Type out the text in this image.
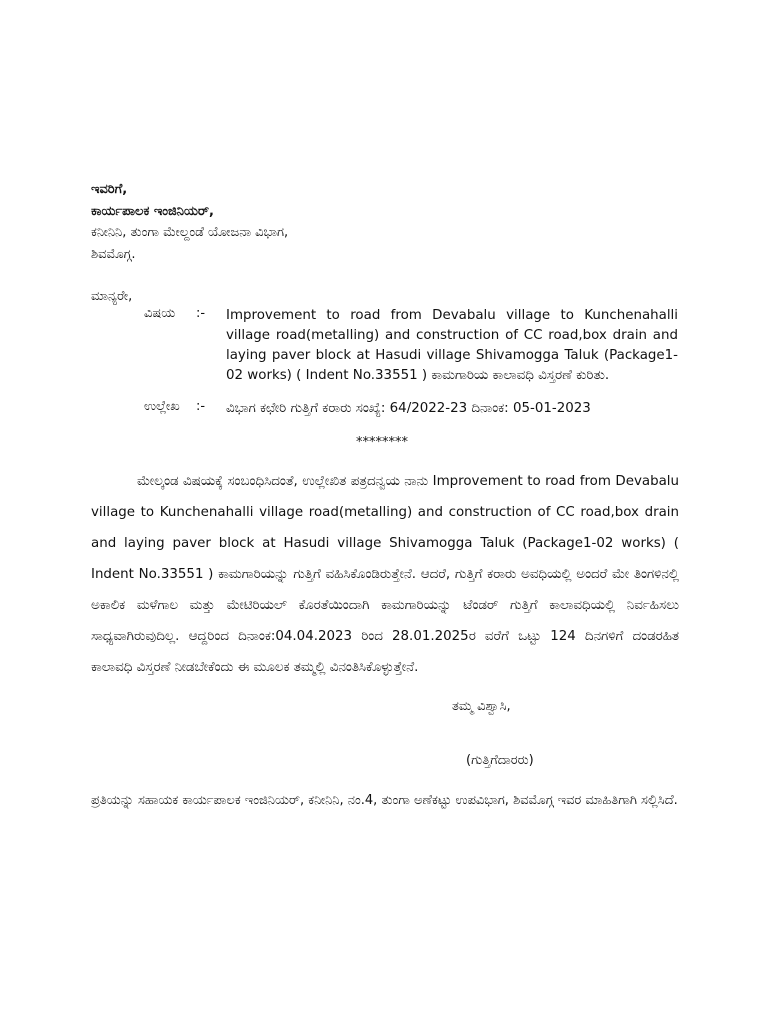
ಇವರಿಗೆ,
ಕಾರ್ಯಪಾಲಕ ಇಂಜಿನಿಯರ್,
ಕನೀನಿನಿ, ತುಂಗಾ ಮೇಲ್ದಂಡೆ ಯೋಜನಾ ವಿಭಾಗ,
ಶಿವಮೊಗ್ಗ.
ಮಾನ್ಯರೇ,
ವಿಷಯ :- Improvement to road from Devabalu village to Kunchenahalli village road(metalling) and construction of CC road,box drain and laying paver block at Hasudi village Shivamogga Taluk (Package1-02 works) ( Indent No.33551 ) ಕಾಮಗಾರಿಯ ಕಾಲಾವಧಿ ವಿಸ್ತರಣೆ ಕುರಿತು.
ಉಲ್ಲೇಖ :- ವಿಭಾಗ ಕಛೇರಿ ಗುತ್ತಿಗೆ ಕರಾರು ಸಂಖ್ಯೆ: 64/2022-23 ದಿನಾಂಕ: 05-01-2023
********
ಮೇಲ್ಕಂಡ ವಿಷಯಕ್ಕೆ ಸಂಬಂಧಿಸಿದಂತೆ, ಉಲ್ಲೇಖಿತ ಪತ್ರದನ್ವಯ ನಾನು Improvement to road from Devabalu village to Kunchenahalli village road(metalling) and construction of CC road,box drain and laying paver block at Hasudi village Shivamogga Taluk (Package1-02 works) ( Indent No.33551 ) ಕಾಮಗಾರಿಯನ್ನು ಗುತ್ತಿಗೆ ವಹಿಸಿಕೊಂಡಿರುತ್ತೇನೆ. ಆದರೆ, ಗುತ್ತಿಗೆ ಕರಾರು ಅವಧಿಯಲ್ಲಿ ಅಂದರೆ ಮೇ ತಿಂಗಳಿನಲ್ಲಿ ಅಕಾಲಿಕ ಮಳೆಗಾಲ ಮತ್ತು ಮೇಟಿರಿಯಲ್ ಕೊರತೆಯಿಂದಾಗಿ ಕಾಮಗಾರಿಯನ್ನು ಟೆಂಡರ್ ಗುತ್ತಿಗೆ ಕಾಲಾವಧಿಯಲ್ಲಿ ನಿರ್ವಹಿಸಲು ಸಾಧ್ಯವಾಗಿರುವುದಿಲ್ಲ. ಆದ್ದರಿಂದ ದಿನಾಂಕ:04.04.2023 ರಿಂದ 28.01.2025ರ ವರೆಗೆ ಒಟ್ಟು 124 ದಿನಗಳಿಗೆ ದಂಡರಹಿತ ಕಾಲಾವಧಿ ವಿಸ್ತರಣೆ ನೀಡಬೇಕೆಂದು ಈ ಮೂಲಕ ತಮ್ಮಲ್ಲಿ ವಿನಂತಿಸಿಕೊಳ್ಳುತ್ತೇನೆ.
ತಮ್ಮ ವಿಶ್ವಾಸಿ,
(ಗುತ್ತಿಗೆದಾರರು)
ಪ್ರತಿಯನ್ನು ಸಹಾಯಕ ಕಾರ್ಯಪಾಲಕ ಇಂಜಿನಿಯರ್, ಕನೀನಿನಿ, ನಂ.4, ತುಂಗಾ ಅಣೆಕಟ್ಟು ಉಪವಿಭಾಗ, ಶಿವಮೊಗ್ಗ ಇವರ ಮಾಹಿತಿಗಾಗಿ ಸಲ್ಲಿಸಿದೆ.
